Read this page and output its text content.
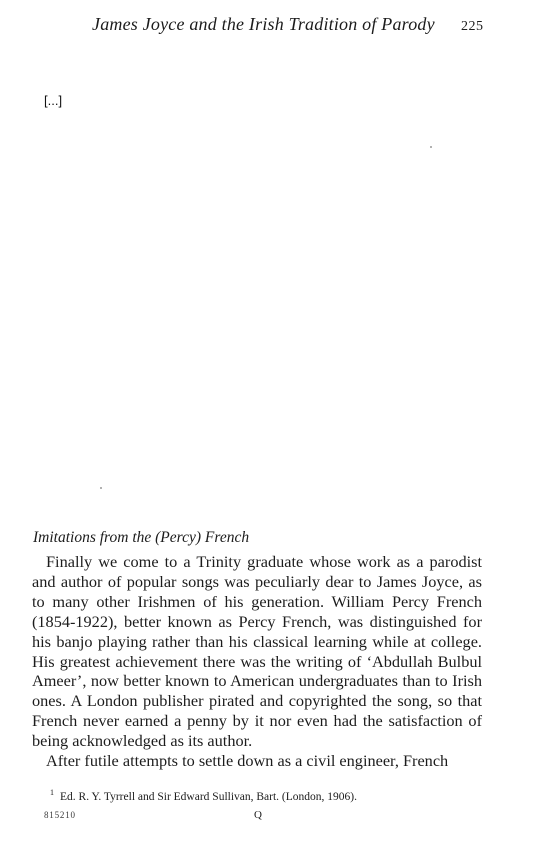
James Joyce and the Irish Tradition of Parody 225
[...]
Imitations from the (Percy) French

Finally we come to a Trinity graduate whose work as a parodist and author of popular songs was peculiarly dear to James Joyce, as to many other Irishmen of his generation. William Percy French (1854-1922), better known as Percy French, was distinguished for his banjo playing rather than his classical learning while at college. His greatest achievement there was the writing of ‘Abdullah Bulbul Ameer’, now better known to American undergraduates than to Irish ones. A London publisher pirated and copyrighted the song, so that French never earned a penny by it nor even had the satisfaction of being acknowledged as its author.

After futile attempts to settle down as a civil engineer, French

$^1$ Ed. R. Y. Tyrrell and Sir Edward Sullivan, Bart. (London, 1906).
815210	Q
